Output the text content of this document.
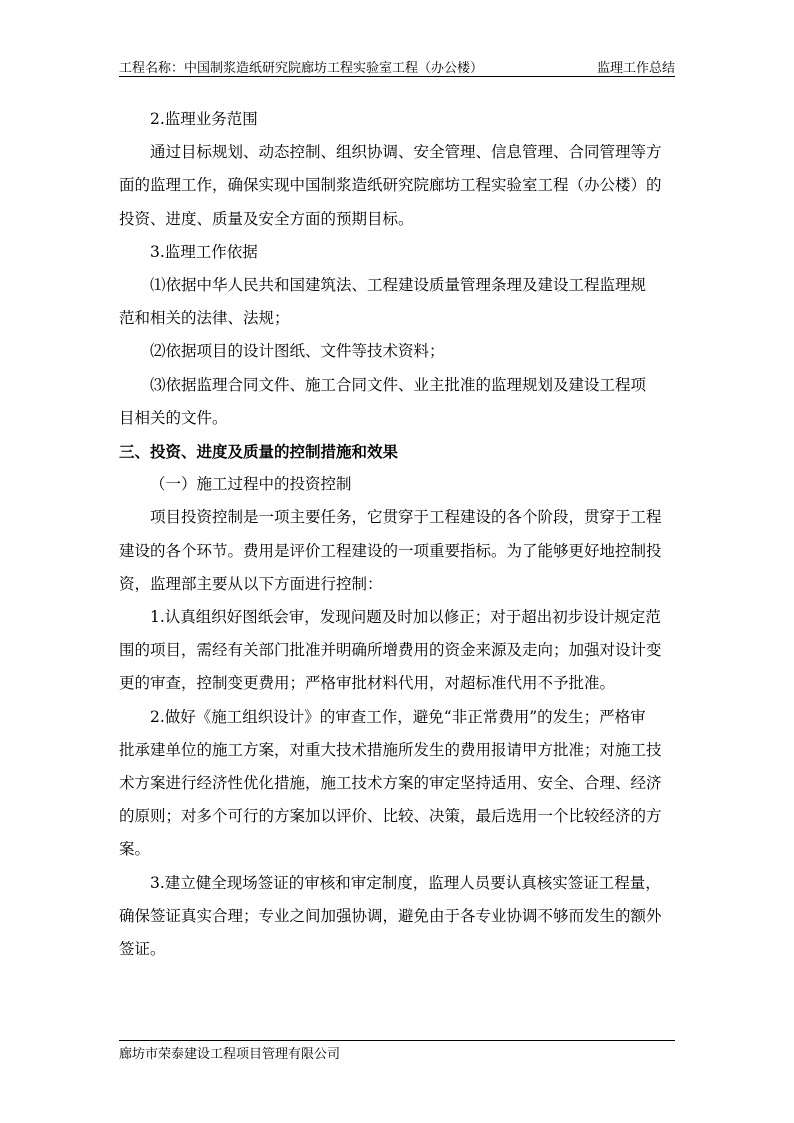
工程名称：中国制浆造纸研究院廊坊工程实验室工程（办公楼）	监理工作总结

2.监理业务范围

通过目标规划、动态控制、组织协调、安全管理、信息管理、合同管理等方

面的监理工作，确保实现中国制浆造纸研究院廊坊工程实验室工程（办公楼）的

投资、进度、质量及安全方面的预期目标。

3.监理工作依据

⑴依据中华人民共和国建筑法、工程建设质量管理条理及建设工程监理规

范和相关的法律、法规；

⑵依据项目的设计图纸、文件等技术资料；

⑶依据监理合同文件、施工合同文件、业主批准的监理规划及建设工程项

目相关的文件。

三、投资、进度及质量的控制措施和效果

（一）施工过程中的投资控制

项目投资控制是一项主要任务，它贯穿于工程建设的各个阶段，贯穿于工程

建设的各个环节。费用是评价工程建设的一项重要指标。为了能够更好地控制投

资，监理部主要从以下方面进行控制：

1.认真组织好图纸会审，发现问题及时加以修正；对于超出初步设计规定范

围的项目，需经有关部门批准并明确所增费用的资金来源及走向；加强对设计变

更的审查，控制变更费用；严格审批材料代用，对超标准代用不予批准。

2.做好《施工组织设计》的审查工作，避免“非正常费用”的发生；严格审

批承建单位的施工方案，对重大技术措施所发生的费用报请甲方批准；对施工技

术方案进行经济性优化措施，施工技术方案的审定坚持适用、安全、合理、经济

的原则；对多个可行的方案加以评价、比较、决策，最后选用一个比较经济的方

案。

3.建立健全现场签证的审核和审定制度，监理人员要认真核实签证工程量，

确保签证真实合理；专业之间加强协调，避免由于各专业协调不够而发生的额外

签证。

廊坊市荣泰建设工程项目管理有限公司
